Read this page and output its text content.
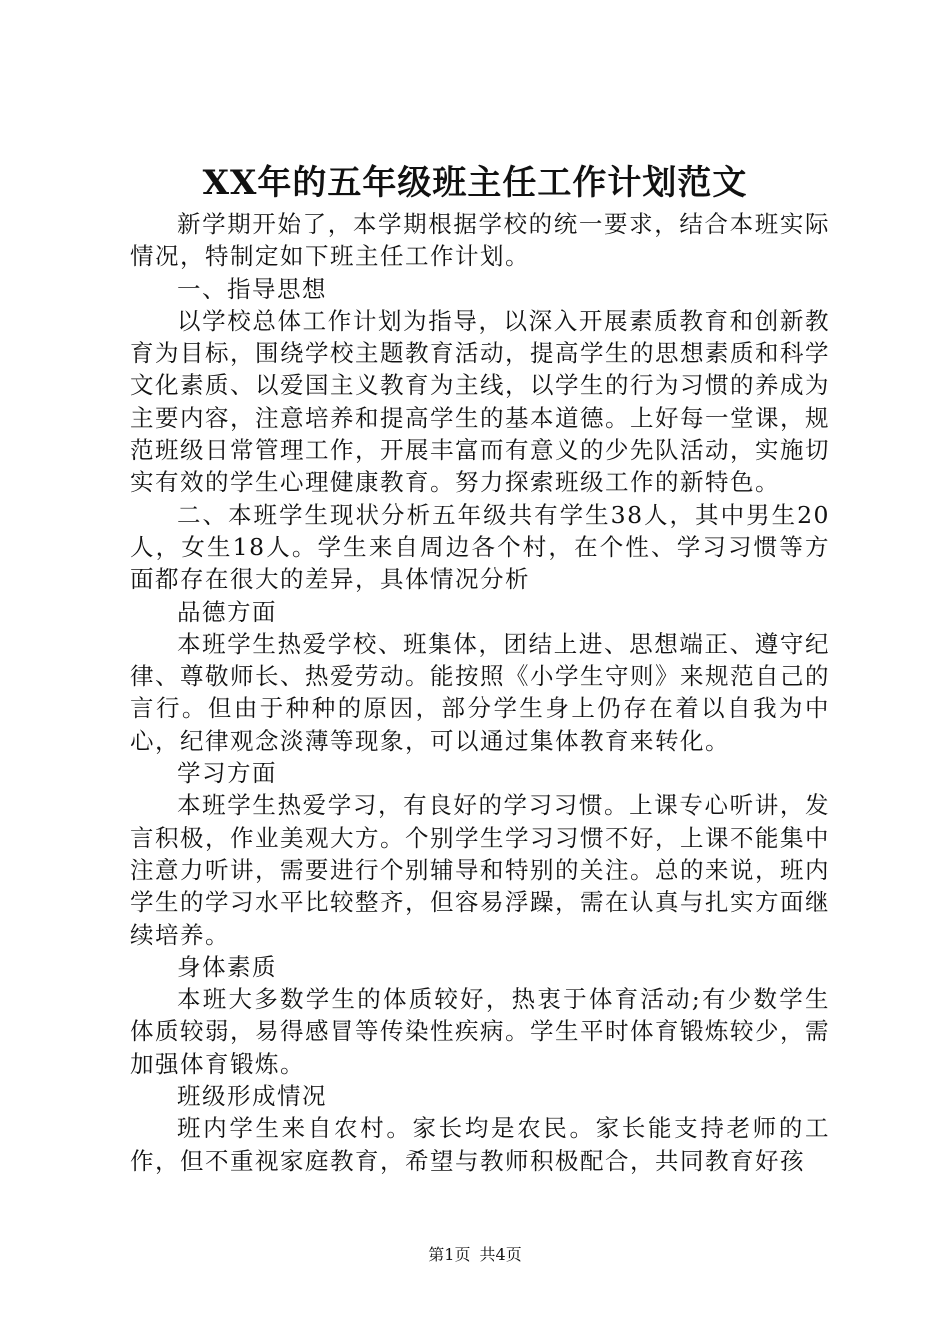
XX年的五年级班主任工作计划范文

新学期开始了，本学期根据学校的统一要求，结合本班实际情况，特制定如下班主任工作计划。

一、指导思想

以学校总体工作计划为指导，以深入开展素质教育和创新教育为目标，围绕学校主题教育活动，提高学生的思想素质和科学文化素质、以爱国主义教育为主线，以学生的行为习惯的养成为主要内容，注意培养和提高学生的基本道德。上好每一堂课，规范班级日常管理工作，开展丰富而有意义的少先队活动，实施切实有效的学生心理健康教育。努力探索班级工作的新特色。

二、本班学生现状分析五年级共有学生38人，其中男生20人，女生18人。学生来自周边各个村，在个性、学习习惯等方面都存在很大的差异，具体情况分析

品德方面

本班学生热爱学校、班集体，团结上进、思想端正、遵守纪律、尊敬师长、热爱劳动。能按照《小学生守则》来规范自己的言行。但由于种种的原因，部分学生身上仍存在着以自我为中心，纪律观念淡薄等现象，可以通过集体教育来转化。

学习方面

本班学生热爱学习，有良好的学习习惯。上课专心听讲，发言积极，作业美观大方。个别学生学习习惯不好，上课不能集中注意力听讲，需要进行个别辅导和特别的关注。总的来说，班内学生的学习水平比较整齐，但容易浮躁，需在认真与扎实方面继续培养。

身体素质

本班大多数学生的体质较好，热衷于体育活动;有少数学生体质较弱，易得感冒等传染性疾病。学生平时体育锻炼较少，需加强体育锻炼。

班级形成情况

班内学生来自农村。家长均是农民。家长能支持老师的工作，但不重视家庭教育，希望与教师积极配合，共同教育好孩

第1页 共4页
